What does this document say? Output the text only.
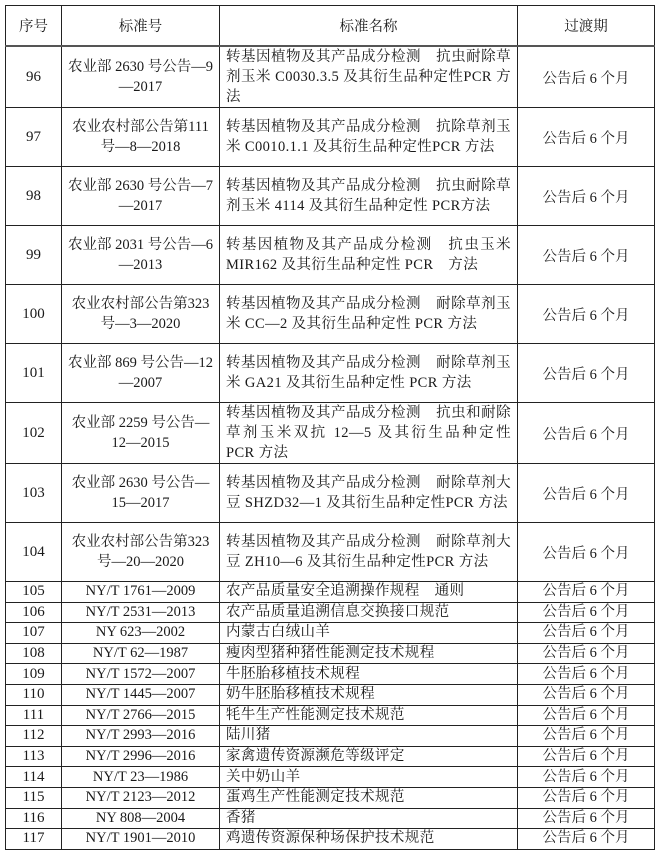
序号	标准号	标准名称	过渡期
96	农业部 2630 号公告—9—2017	转基因植物及其产品成分检测　抗虫耐除草剂玉米 C0030.3.5 及其衍生品种定性PCR 方法	公告后 6 个月
97	农业农村部公告第111 号—8—2018	转基因植物及其产品成分检测　抗除草剂玉米 C0010.1.1 及其衍生品种定性PCR 方法	公告后 6 个月
98	农业部 2630 号公告—7—2017	转基因植物及其产品成分检测　抗虫耐除草剂玉米 4114 及其衍生品种定性 PCR方法	公告后 6 个月
99	农业部 2031 号公告—6—2013	转基因植物及其产品成分检测　抗虫玉米 MIR162 及其衍生品种定性 PCR　方法	公告后 6 个月
100	农业农村部公告第323 号—3—2020	转基因植物及其产品成分检测　耐除草剂玉米 CC—2 及其衍生品种定性 PCR 方法	公告后 6 个月
101	农业部 869 号公告—12—2007	转基因植物及其产品成分检测　耐除草剂玉米 GA21 及其衍生品种定性 PCR 方法	公告后 6 个月
102	农业部 2259 号公告—12—2015	转基因植物及其产品成分检测　抗虫和耐除草剂玉米双抗 12—5 及其衍生品种定性 PCR 方法	公告后 6 个月
103	农业部 2630 号公告—15—2017	转基因植物及其产品成分检测　耐除草剂大豆 SHZD32—1 及其衍生品种定性PCR 方法	公告后 6 个月
104	农业农村部公告第323 号—20—2020	转基因植物及其产品成分检测　耐除草剂大豆 ZH10—6 及其衍生品种定性PCR 方法	公告后 6 个月
105	NY/T 1761—2009	农产品质量安全追溯操作规程　通则	公告后 6 个月
106	NY/T 2531—2013	农产品质量追溯信息交换接口规范	公告后 6 个月
107	NY 623—2002	内蒙古白绒山羊	公告后 6 个月
108	NY/T 62—1987	瘦肉型猪种猪性能测定技术规程	公告后 6 个月
109	NY/T 1572—2007	牛胚胎移植技术规程	公告后 6 个月
110	NY/T 1445—2007	奶牛胚胎移植技术规程	公告后 6 个月
111	NY/T 2766—2015	牦牛生产性能测定技术规范	公告后 6 个月
112	NY/T 2993—2016	陆川猪	公告后 6 个月
113	NY/T 2996—2016	家禽遗传资源濒危等级评定	公告后 6 个月
114	NY/T 23—1986	关中奶山羊	公告后 6 个月
115	NY/T 2123—2012	蛋鸡生产性能测定技术规范	公告后 6 个月
116	NY 808—2004	香猪	公告后 6 个月
117	NY/T 1901—2010	鸡遗传资源保种场保护技术规范	公告后 6 个月
